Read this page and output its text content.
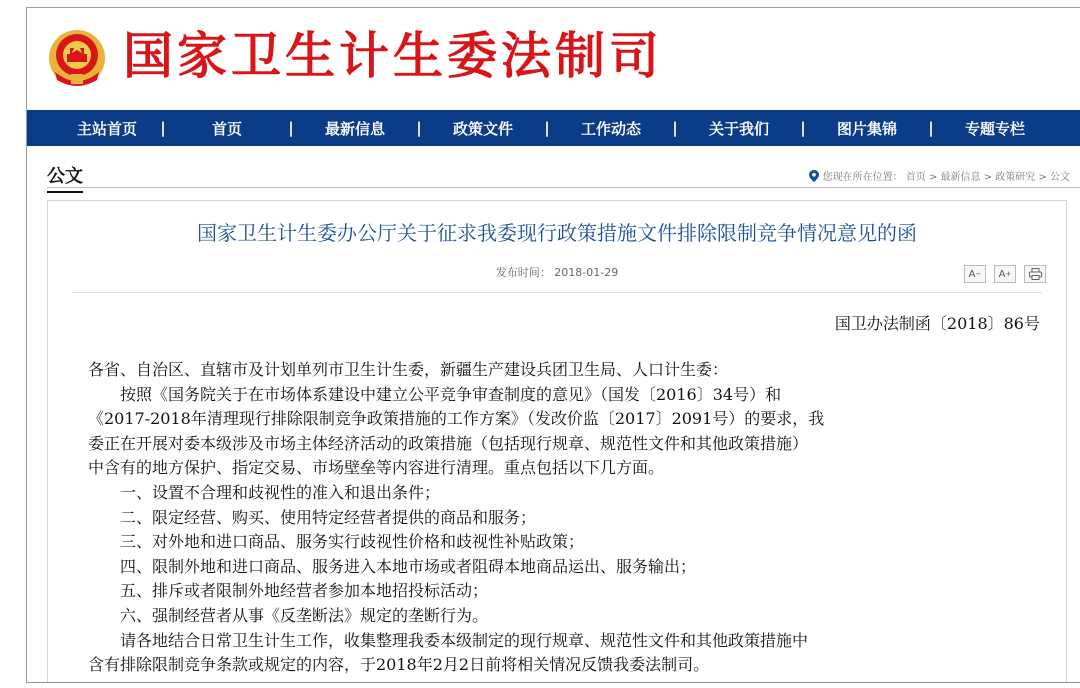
国家卫生计生委法制司
主站首页	|	首页	|	最新信息	|	政策文件	|	工作动态	|	关于我们	|	图片集锦	|	专题专栏
公文	您现在所在位置： 首页 > 最新信息 > 政策研究 > 公文
国家卫生计生委办公厅关于征求我委现行政策措施文件排除限制竞争情况意见的函
发布时间： 2018-01-29	A − A +
国卫办法制函〔2018〕86号
各省、自治区、直辖市及计划单列市卫生计生委，新疆生产建设兵团卫生局、人口计生委：
　　按照《国务院关于在市场体系建设中建立公平竞争审查制度的意见》（国发〔2016〕34号）和
《2017-2018年清理现行排除限制竞争政策措施的工作方案》（发改价监〔2017〕2091号）的要求，我
委正在开展对委本级涉及市场主体经济活动的政策措施（包括现行规章、规范性文件和其他政策措施）
中含有的地方保护、指定交易、市场壁垒等内容进行清理。重点包括以下几方面。
　　一、设置不合理和歧视性的准入和退出条件；
　　二、限定经营、购买、使用特定经营者提供的商品和服务；
　　三、对外地和进口商品、服务实行歧视性价格和歧视性补贴政策；
　　四、限制外地和进口商品、服务进入本地市场或者阻碍本地商品运出、服务输出；
　　五、排斥或者限制外地经营者参加本地招投标活动；
　　六、强制经营者从事《反垄断法》规定的垄断行为。
　　请各地结合日常卫生计生工作，收集整理我委本级制定的现行规章、规范性文件和其他政策措施中
含有排除限制竞争条款或规定的内容，于2018年2月2日前将相关情况反馈我委法制司。
